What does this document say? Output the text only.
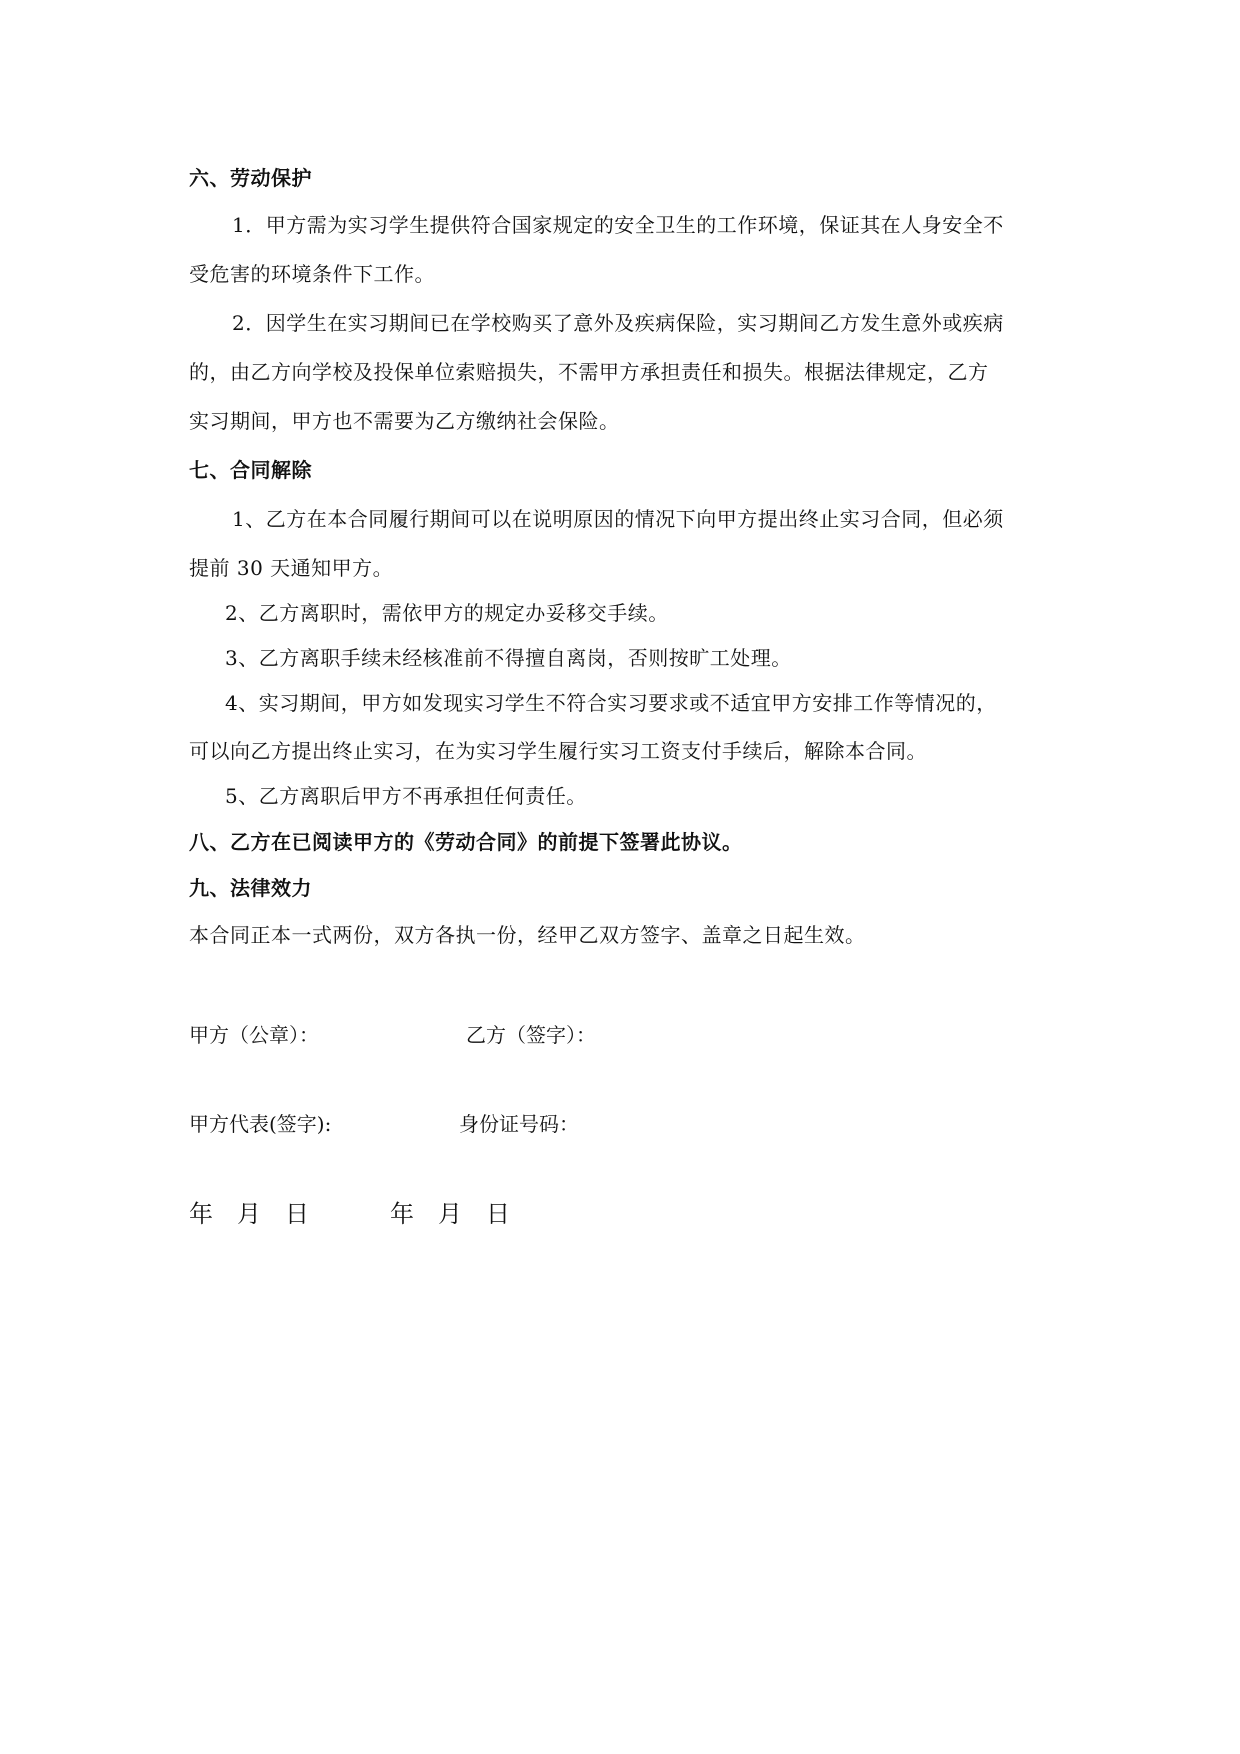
六、劳动保护
1．甲方需为实习学生提供符合国家规定的安全卫生的工作环境，保证其在人身安全不
受危害的环境条件下工作。
2．因学生在实习期间已在学校购买了意外及疾病保险，实习期间乙方发生意外或疾病
的，由乙方向学校及投保单位索赔损失，不需甲方承担责任和损失。根据法律规定，乙方
实习期间，甲方也不需要为乙方缴纳社会保险。
七、合同解除
1、乙方在本合同履行期间可以在说明原因的情况下向甲方提出终止实习合同，但必须
提前 30 天通知甲方。
2、乙方离职时，需依甲方的规定办妥移交手续。
3、乙方离职手续未经核准前不得擅自离岗，否则按旷工处理。
4、实习期间，甲方如发现实习学生不符合实习要求或不适宜甲方安排工作等情况的，
可以向乙方提出终止实习，在为实习学生履行实习工资支付手续后，解除本合同。
5、乙方离职后甲方不再承担任何责任。
八、乙方在已阅读甲方的《劳动合同》的前提下签署此协议。
九、法律效力
本合同正本一式两份，双方各执一份，经甲乙双方签字、盖章之日起生效。
甲方（公章）：	乙方（签字）：
甲方代表(签字):	身份证号码：
年　月　日	年　月　日
